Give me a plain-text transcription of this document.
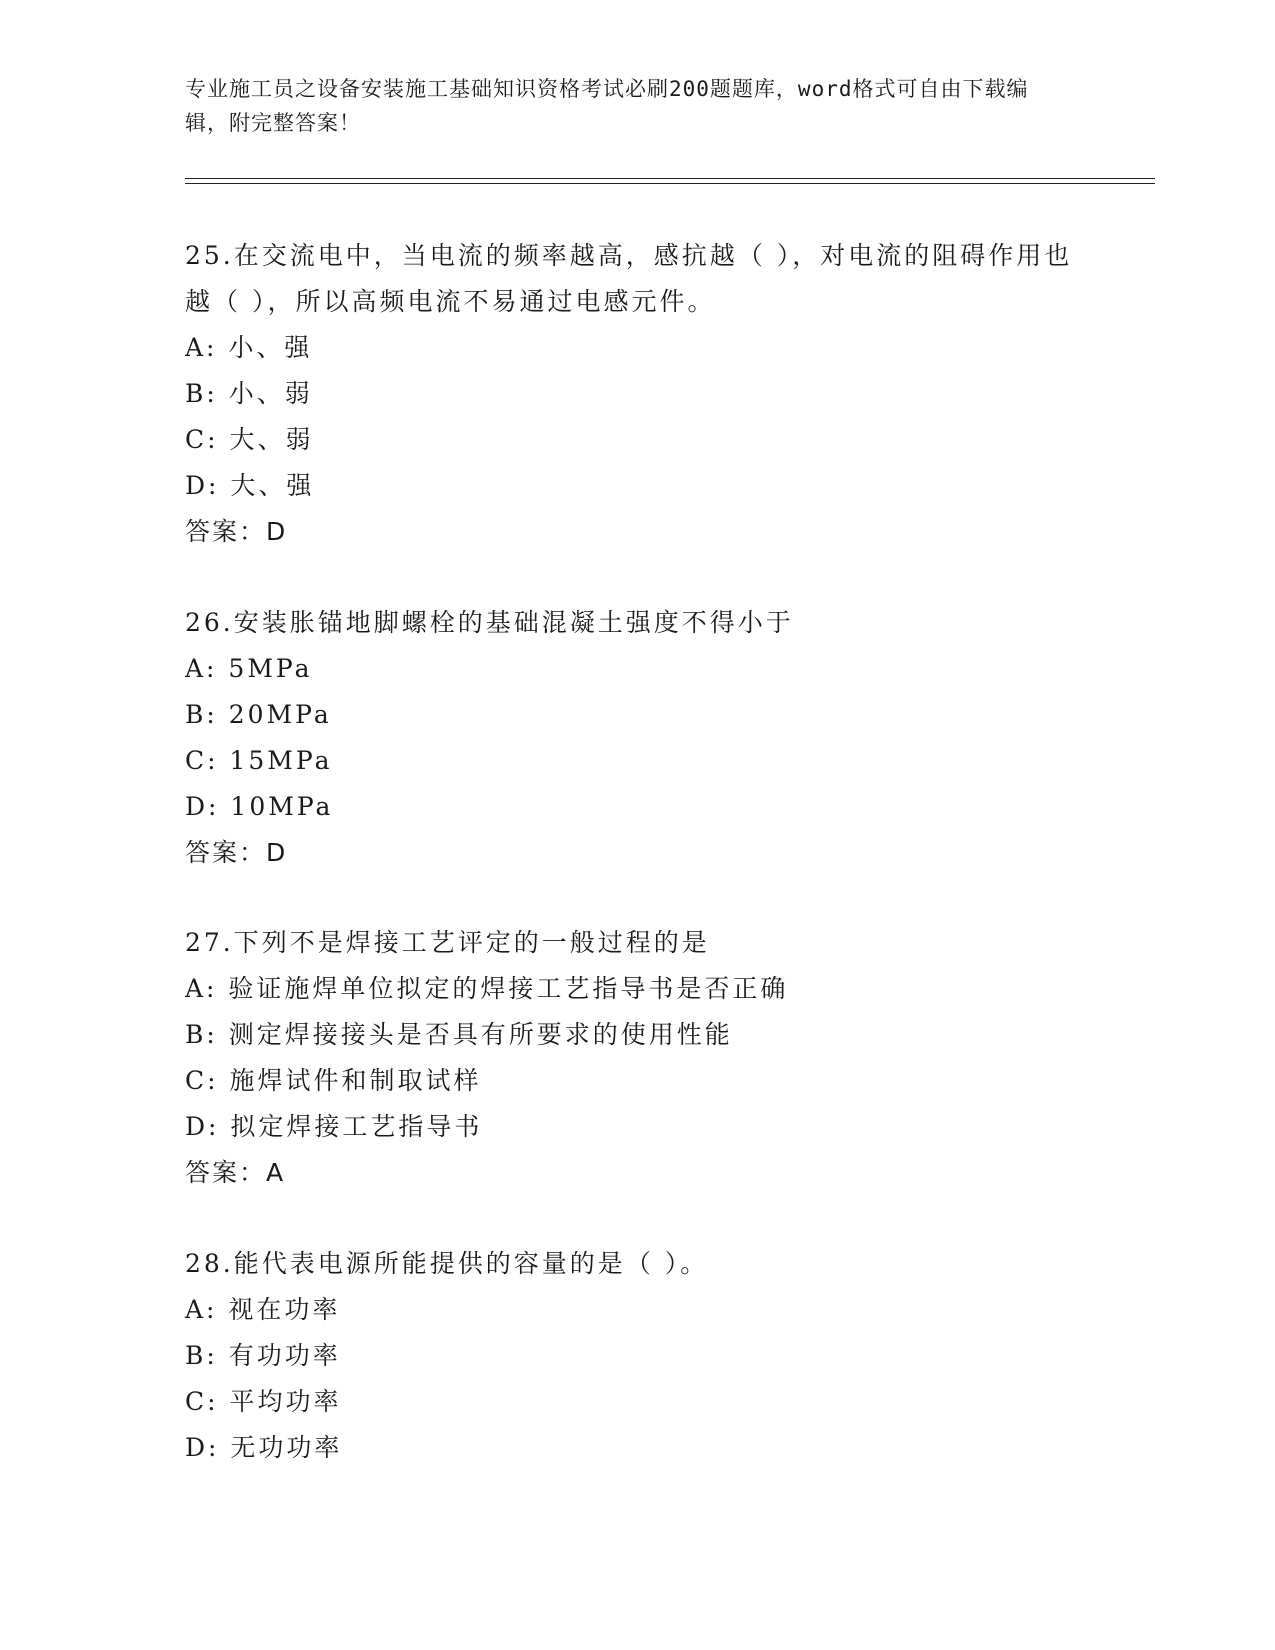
专业施工员之设备安装施工基础知识资格考试必刷200题题库，word格式可自由下载编辑，附完整答案！

25.在交流电中，当电流的频率越高，感抗越（ ），对电流的阻碍作用也越（ ），所以高频电流不易通过电感元件。

A: 小、强

B: 小、弱

C: 大、弱

D: 大、强

答案：D

26.安装胀锚地脚螺栓的基础混凝土强度不得小于

A: 5MPa

B: 20MPa

C: 15MPa

D: 10MPa

答案：D

27.下列不是焊接工艺评定的一般过程的是

A: 验证施焊单位拟定的焊接工艺指导书是否正确

B: 测定焊接接头是否具有所要求的使用性能

C: 施焊试件和制取试样

D: 拟定焊接工艺指导书

答案：A

28.能代表电源所能提供的容量的是（ ）。

A: 视在功率

B: 有功功率

C: 平均功率

D: 无功功率
